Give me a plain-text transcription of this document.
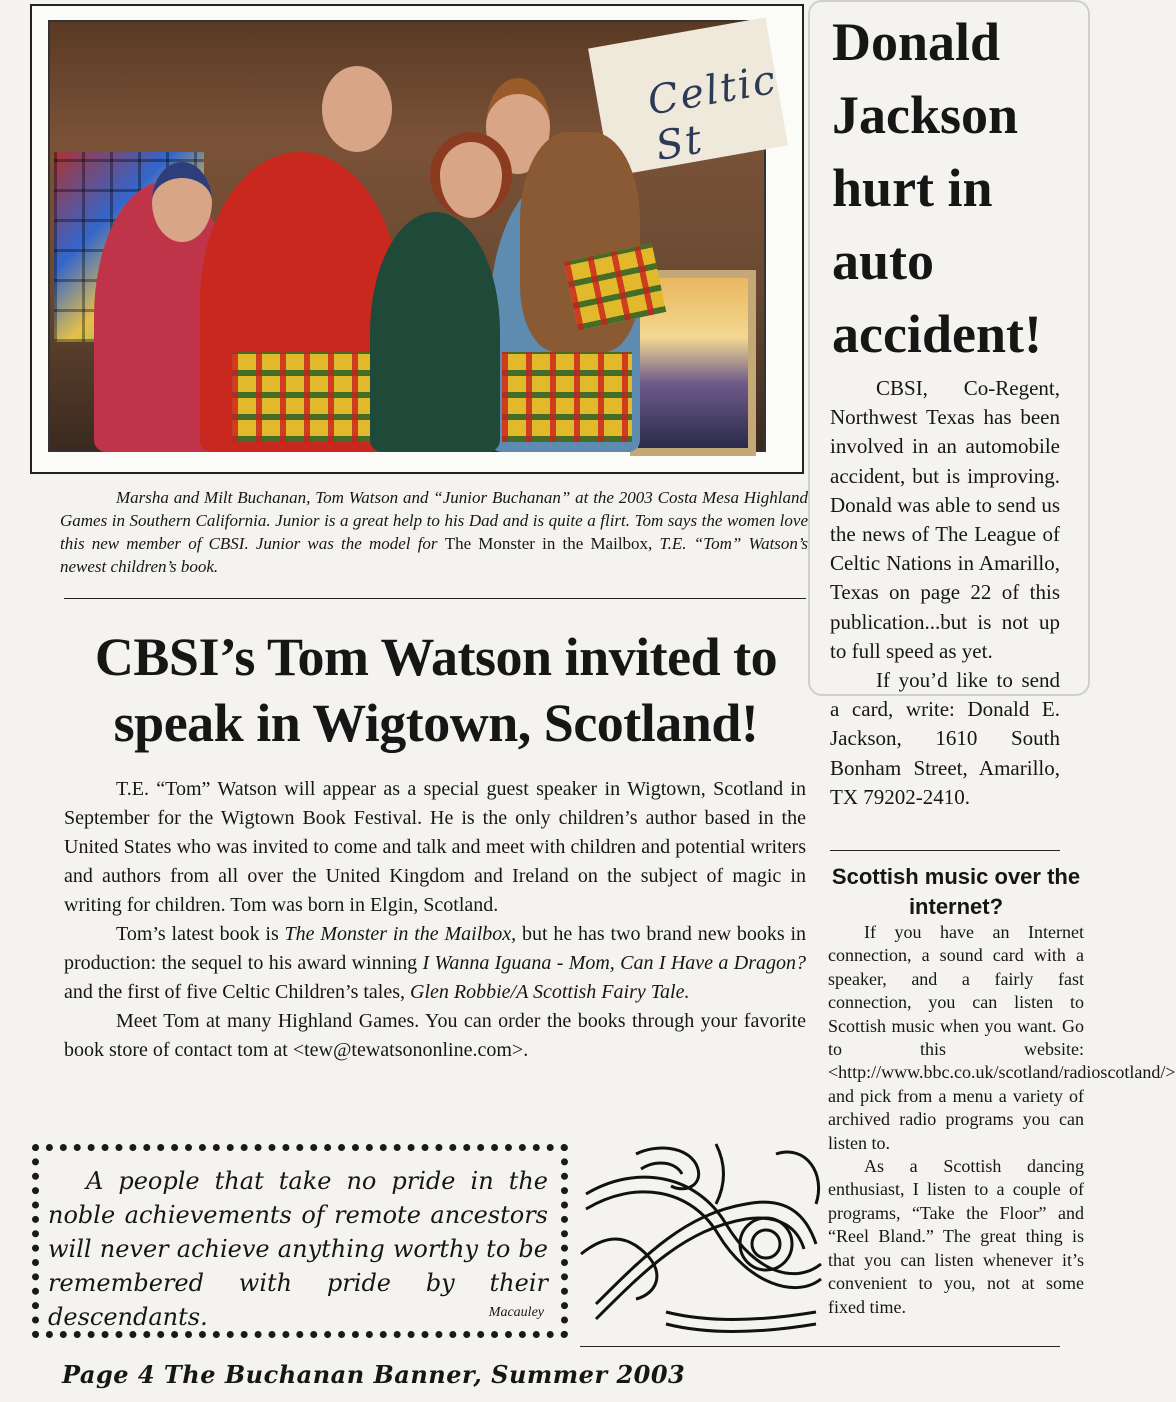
Celtic St
Marsha and Milt Buchanan, Tom Watson and “Junior Buchanan” at the 2003 Costa Mesa Highland Games in Southern California. Junior is a great help to his Dad and is quite a flirt. Tom says the women love this new member of CBSI. Junior was the model for The Monster in the Mailbox, T.E. “Tom” Watson’s newest children’s book.
CBSI’s Tom Watson invited to speak in Wigtown, Scotland!

T.E. “Tom” Watson will appear as a special guest speaker in Wigtown, Scotland in September for the Wigtown Book Festival. He is the only children’s author based in the United States who was invited to come and talk and meet with children and potential writers and authors from all over the United Kingdom and Ireland on the subject of magic in writing for children. Tom was born in Elgin, Scotland.

Tom’s latest book is The Monster in the Mailbox, but he has two brand new books in production: the sequel to his award winning I Wanna Iguana - Mom, Can I Have a Dragon? and the first of five Celtic Children’s tales, Glen Robbie/A Scottish Fairy Tale.

Meet Tom at many Highland Games. You can order the books through your favorite book store of contact tom at <tew@tewatsononline.com>.

A people that take no pride in the noble achievements of remote ancestors will never achieve anything worthy to be remembered with pride by their descendants.	Macauley
Page 4 The Buchanan Banner, Summer 2003
Donald Jackson hurt in auto accident!

CBSI, Co-Regent, Northwest Texas has been involved in an automobile accident, but is improving. Donald was able to send us the news of The League of Celtic Nations in Amarillo, Texas on page 22 of this publication...but is not up to full speed as yet.

If you’d like to send a card, write: Donald E. Jackson, 1610 South Bonham Street, Amarillo, TX 79202-2410.

Scottish music over the internet?

If you have an Internet connection, a sound card with a speaker, and a fairly fast connection, you can listen to Scottish music when you want. Go to this website: <http://www.bbc.co.uk/scotland/radioscotland/> and pick from a menu a variety of archived radio programs you can listen to.

As a Scottish dancing enthusiast, I listen to a couple of programs, “Take the Floor” and “Reel Bland.” The great thing is that you can listen whenever it’s convenient to you, not at some fixed time.
